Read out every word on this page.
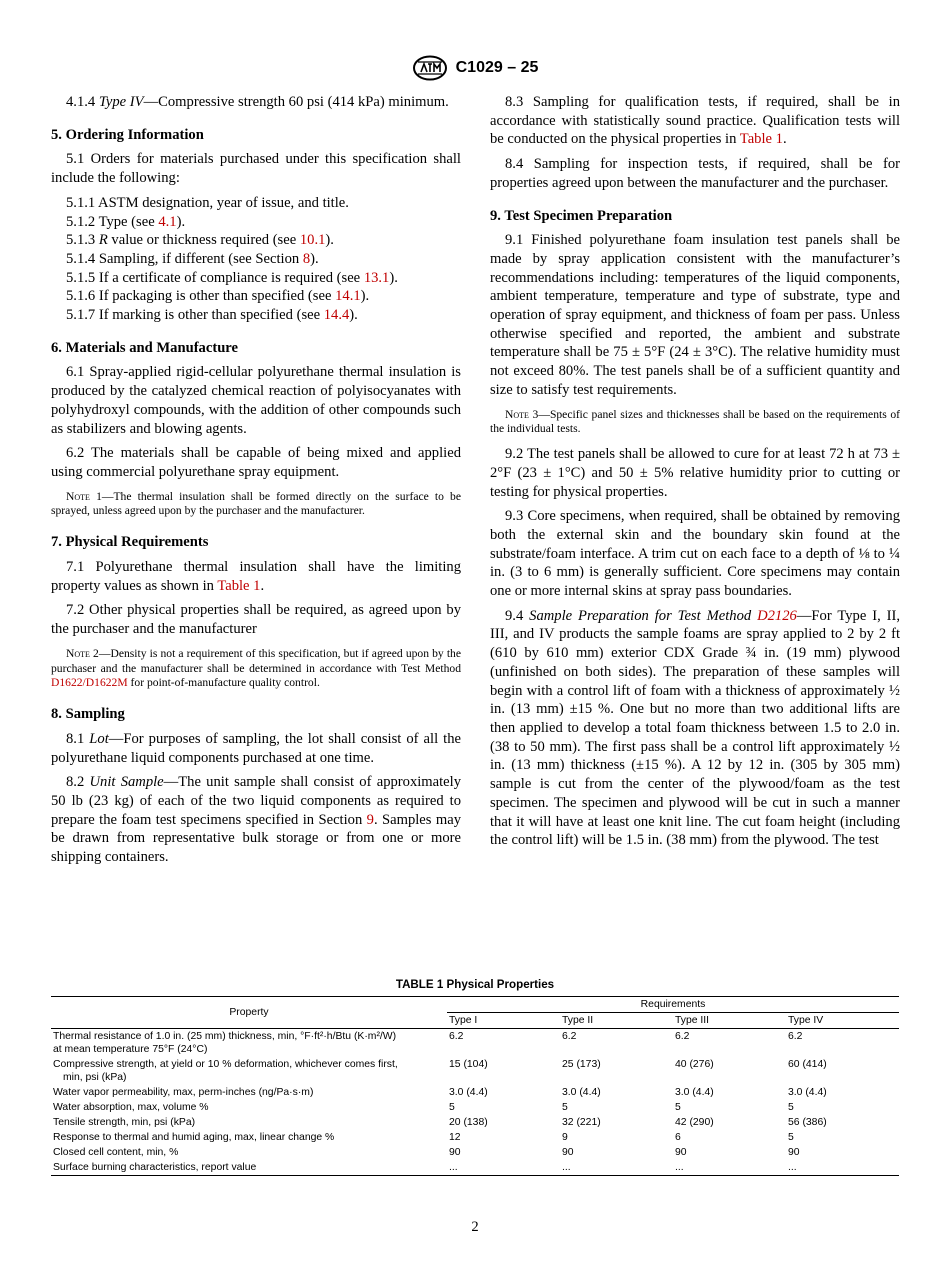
C1029 – 25

4.1.4 Type IV—Compressive strength 60 psi (414 kPa) minimum.

5. Ordering Information

5.1 Orders for materials purchased under this specification shall include the following:

5.1.1 ASTM designation, year of issue, and title.

5.1.2 Type (see 4.1).

5.1.3 R value or thickness required (see 10.1).

5.1.4 Sampling, if different (see Section 8).

5.1.5 If a certificate of compliance is required (see 13.1).

5.1.6 If packaging is other than specified (see 14.1).

5.1.7 If marking is other than specified (see 14.4).

6. Materials and Manufacture

6.1 Spray-applied rigid-cellular polyurethane thermal insulation is produced by the catalyzed chemical reaction of polyisocyanates with polyhydroxyl compounds, with the addition of other compounds such as stabilizers and blowing agents.

6.2 The materials shall be capable of being mixed and applied using commercial polyurethane spray equipment.

Note 1—The thermal insulation shall be formed directly on the surface to be sprayed, unless agreed upon by the purchaser and the manufacturer.

7. Physical Requirements

7.1 Polyurethane thermal insulation shall have the limiting property values as shown in Table 1.

7.2 Other physical properties shall be required, as agreed upon by the purchaser and the manufacturer

Note 2—Density is not a requirement of this specification, but if agreed upon by the purchaser and the manufacturer shall be determined in accordance with Test Method D1622/D1622M for point-of-manufacture quality control.

8. Sampling

8.1 Lot—For purposes of sampling, the lot shall consist of all the polyurethane liquid components purchased at one time.

8.2 Unit Sample—The unit sample shall consist of approximately 50 lb (23 kg) of each of the two liquid components as required to prepare the foam test specimens specified in Section 9. Samples may be drawn from representative bulk storage or from one or more shipping containers.

8.3 Sampling for qualification tests, if required, shall be in accordance with statistically sound practice. Qualification tests will be conducted on the physical properties in Table 1.

8.4 Sampling for inspection tests, if required, shall be for properties agreed upon between the manufacturer and the purchaser.

9. Test Specimen Preparation

9.1 Finished polyurethane foam insulation test panels shall be made by spray application consistent with the manufacturer’s recommendations including: temperatures of the liquid components, ambient temperature, temperature and type of substrate, type and operation of spray equipment, and thickness of foam per pass. Unless otherwise specified and reported, the ambient and substrate temperature shall be 75 ± 5°F (24 ± 3°C). The relative humidity must not exceed 80%. The test panels shall be of a sufficient quantity and size to satisfy test requirements.

Note 3—Specific panel sizes and thicknesses shall be based on the requirements of the individual tests.

9.2 The test panels shall be allowed to cure for at least 72 h at 73 ± 2°F (23 ± 1°C) and 50 ± 5% relative humidity prior to cutting or testing for physical properties.

9.3 Core specimens, when required, shall be obtained by removing both the external skin and the boundary skin found at the substrate/foam interface. A trim cut on each face to a depth of ⅛ to ¼ in. (3 to 6 mm) is generally sufficient. Core specimens may contain one or more internal skins at spray pass boundaries.

9.4 Sample Preparation for Test Method D2126—For Type I, II, III, and IV products the sample foams are spray applied to 2 by 2 ft (610 by 610 mm) exterior CDX Grade ¾ in. (19 mm) plywood (unfinished on both sides). The preparation of these samples will begin with a control lift of foam with a thickness of approximately ½ in. (13 mm) ±15 %. One but no more than two additional lifts are then applied to develop a total foam thickness between 1.5 to 2.0 in. (38 to 50 mm). The first pass shall be a control lift approximately ½ in. (13 mm) thickness (±15 %). A 12 by 12 in. (305 by 305 mm) sample is cut from the center of the plywood/foam as the test specimen. The specimen and plywood will be cut in such a manner that it will have at least one knit line. The cut foam height (including the control lift) will be 1.5 in. (38 mm) from the plywood. The test

TABLE 1 Physical Properties
Property	Requirements			
	Type I	Type II	Type III	Type IV

Thermal resistance of 1.0 in. (25 mm) thickness, min, °F·ft²·h/Btu (K·m²/W)
at mean temperature 75°F (24°C)	6.2	6.2	6.2	6.2

Compressive strength, at yield or 10 % deformation, whichever comes first,
min, psi (kPa)	15 (104)	25 (173)	40 (276)	60 (414)
Water vapor permeability, max, perm-inches (ng/Pa·s·m)	3.0 (4.4)	3.0 (4.4)	3.0 (4.4)	3.0 (4.4)
Water absorption, max, volume %	5	5	5	5
Tensile strength, min, psi (kPa)	20 (138)	32 (221)	42 (290)	56 (386)
Response to thermal and humid aging, max, linear change %	12	9	6	5
Closed cell content, min, %	90	90	90	90
Surface burning characteristics, report value	...	...	...	...
2
